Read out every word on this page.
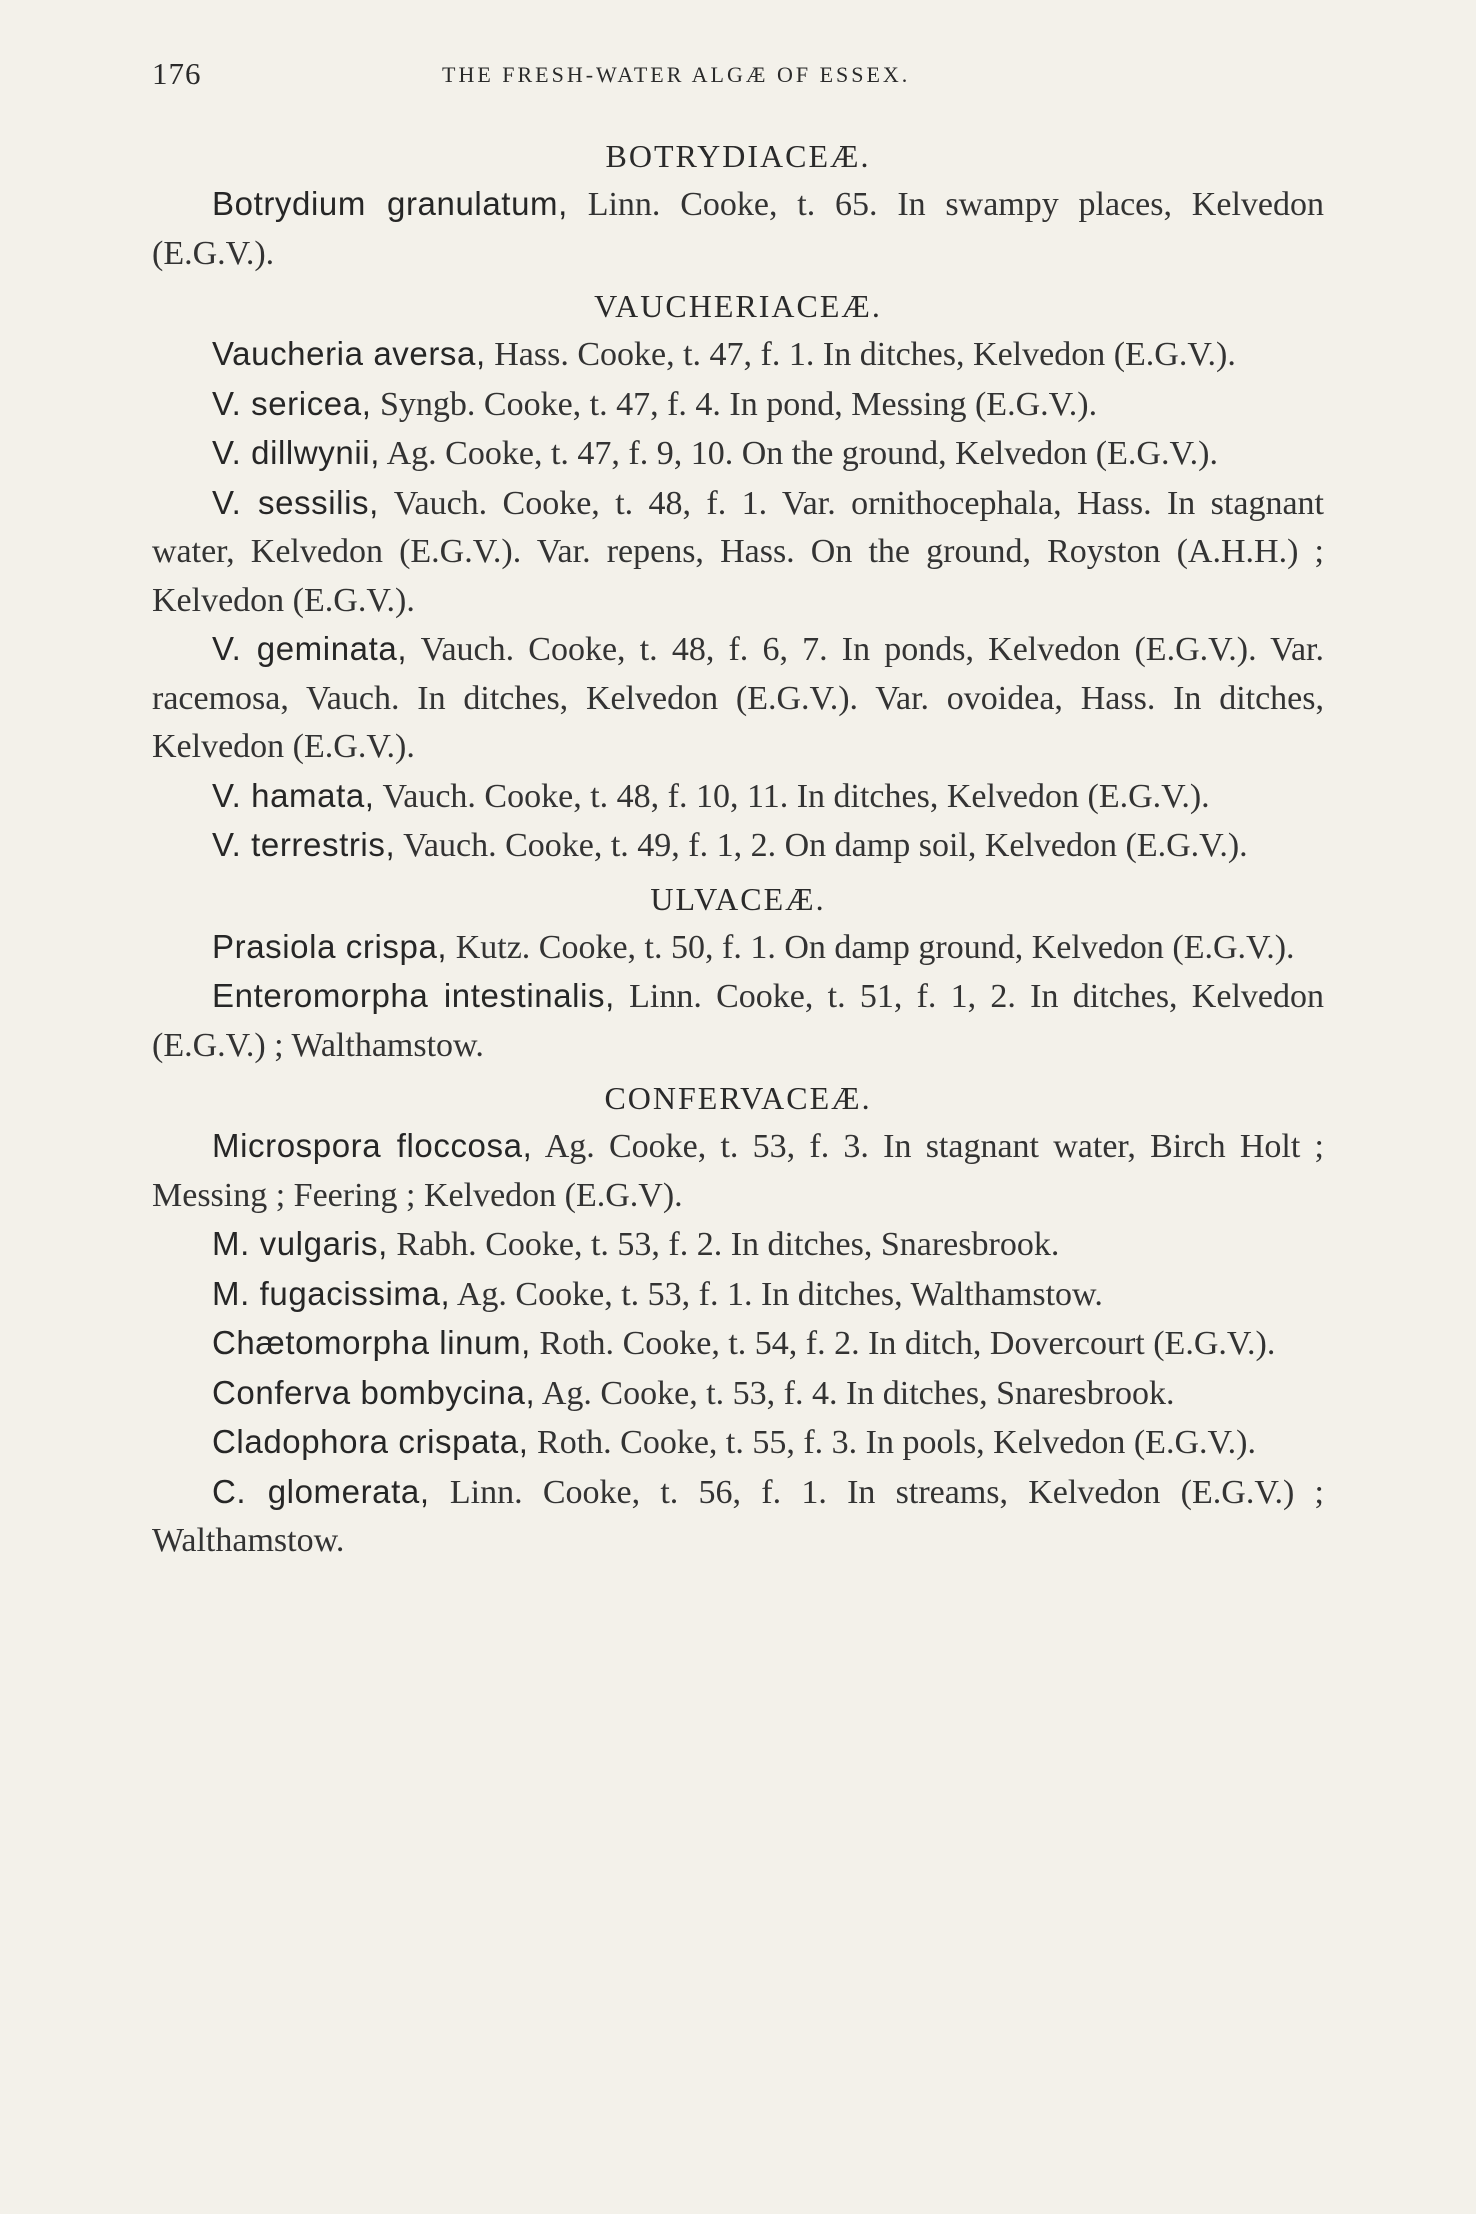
176	THE FRESH-WATER ALGÆ OF ESSEX.
BOTRYDIACEÆ.

Botrydium granulatum, Linn. Cooke, t. 65. In swampy places, Kelvedon (E.G.V.).

VAUCHERIACEÆ.

Vaucheria aversa, Hass. Cooke, t. 47, f. 1. In ditches, Kelvedon (E.G.V.).

V. sericea, Syngb. Cooke, t. 47, f. 4. In pond, Messing (E.G.V.).

V. dillwynii, Ag. Cooke, t. 47, f. 9, 10. On the ground, Kelvedon (E.G.V.).

V. sessilis, Vauch. Cooke, t. 48, f. 1. Var. ornithocephala, Hass. In stagnant water, Kelvedon (E.G.V.). Var. repens, Hass. On the ground, Royston (A.H.H.) ; Kelvedon (E.G.V.).

V. geminata, Vauch. Cooke, t. 48, f. 6, 7. In ponds, Kelvedon (E.G.V.). Var. racemosa, Vauch. In ditches, Kelvedon (E.G.V.). Var. ovoidea, Hass. In ditches, Kelvedon (E.G.V.).

V. hamata, Vauch. Cooke, t. 48, f. 10, 11. In ditches, Kelvedon (E.G.V.).

V. terrestris, Vauch. Cooke, t. 49, f. 1, 2. On damp soil, Kelvedon (E.G.V.).

ULVACEÆ.

Prasiola crispa, Kutz. Cooke, t. 50, f. 1. On damp ground, Kelvedon (E.G.V.).

Enteromorpha intestinalis, Linn. Cooke, t. 51, f. 1, 2. In ditches, Kelvedon (E.G.V.) ; Walthamstow.

CONFERVACEÆ.

Microspora floccosa, Ag. Cooke, t. 53, f. 3. In stagnant water, Birch Holt ; Messing ; Feering ; Kelvedon (E.G.V).

M. vulgaris, Rabh. Cooke, t. 53, f. 2. In ditches, Snaresbrook.

M. fugacissima, Ag. Cooke, t. 53, f. 1. In ditches, Walthamstow.

Chætomorpha linum, Roth. Cooke, t. 54, f. 2. In ditch, Dovercourt (E.G.V.).

Conferva bombycina, Ag. Cooke, t. 53, f. 4. In ditches, Snaresbrook.

Cladophora crispata, Roth. Cooke, t. 55, f. 3. In pools, Kelvedon (E.G.V.).

C. glomerata, Linn. Cooke, t. 56, f. 1. In streams, Kelvedon (E.G.V.) ; Walthamstow.
